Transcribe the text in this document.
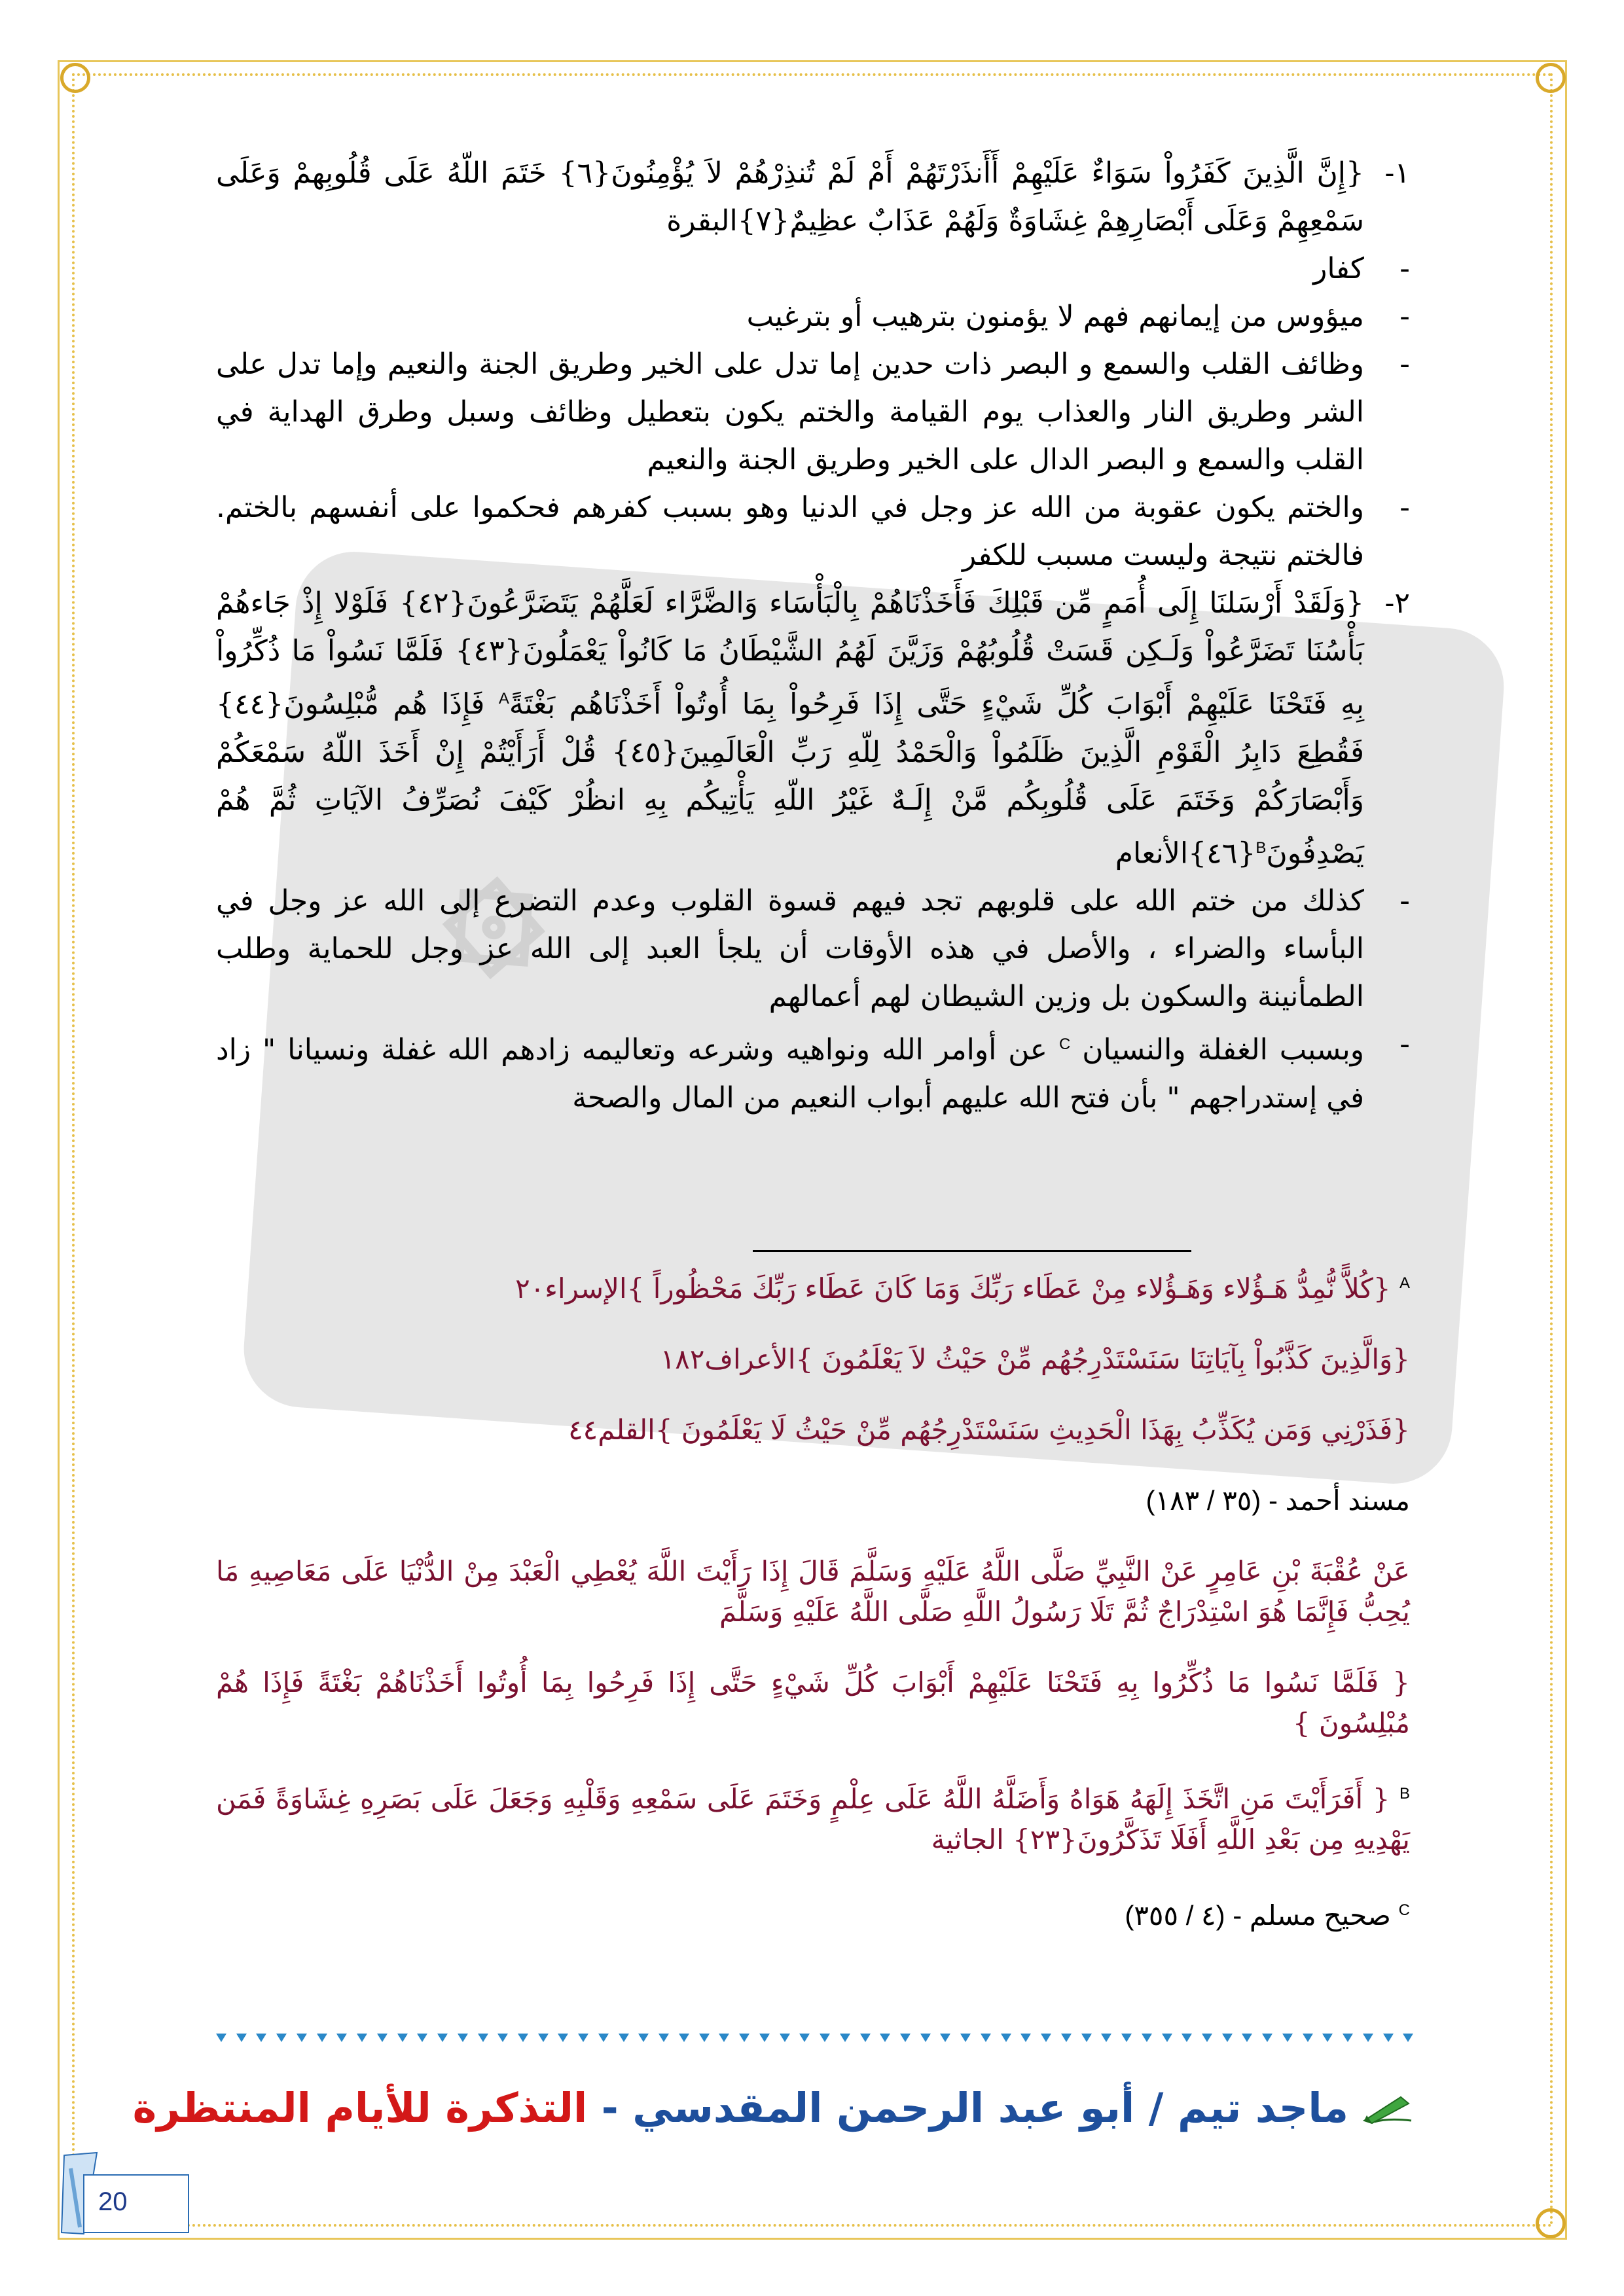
۞

١-
{إِنَّ الَّذِينَ كَفَرُواْ سَوَاءٌ عَلَيْهِمْ أَأَنذَرْتَهُمْ أَمْ لَمْ تُنذِرْهُمْ لاَ يُؤْمِنُونَ{٦} خَتَمَ اللّهُ عَلَى قُلُوبِهمْ وَعَلَى سَمْعِهِمْ وَعَلَى أَبْصَارِهِمْ غِشَاوَةٌ وَلَهُمْ عَذَابٌ عظِيمٌ{٧}البقرة

-
كفار

-
ميؤوس من إيمانهم فهم لا يؤمنون بترهيب أو بترغيب

-
وظائف القلب والسمع و البصر ذات حدين إما تدل على الخير وطريق الجنة والنعيم وإما تدل على الشر وطريق النار والعذاب يوم القيامة والختم يكون بتعطيل وظائف وسبل وطرق الهداية في القلب والسمع و البصر الدال على الخير وطريق الجنة والنعيم

-
والختم يكون عقوبة من الله عز وجل في الدنيا وهو بسبب كفرهم فحكموا على أنفسهم بالختم. فالختم نتيجة وليست مسبب للكفر

٢-
{وَلَقَدْ أَرْسَلنَا إِلَى أُمَمٍ مِّن قَبْلِكَ فَأَخَذْنَاهُمْ بِالْبَأْسَاء وَالضَّرَّاء لَعَلَّهُمْ يَتَضَرَّعُونَ{٤٢} فَلَوْلا إِذْ جَاءهُمْ بَأْسُنَا تَضَرَّعُواْ وَلَـكِن قَسَتْ قُلُوبُهُمْ وَزَيَّنَ لَهُمُ الشَّيْطَانُ مَا كَانُواْ يَعْمَلُونَ{٤٣} فَلَمَّا نَسُواْ مَا ذُكِّرُواْ بِهِ فَتَحْنَا عَلَيْهِمْ أَبْوَابَ كُلِّ شَيْءٍ حَتَّى إِذَا فَرِحُواْ بِمَا أُوتُواْ أَخَذْنَاهُم بَغْتَةً$^A$ فَإِذَا هُم مُّبْلِسُونَ{٤٤} فَقُطِعَ دَابِرُ الْقَوْمِ الَّذِينَ ظَلَمُواْ وَالْحَمْدُ لِلّهِ رَبِّ الْعَالَمِينَ{٤٥} قُلْ أَرَأَيْتُمْ إِنْ أَخَذَ اللّهُ سَمْعَكُمْ وَأَبْصَارَكُمْ وَخَتَمَ عَلَى قُلُوبِكُم مَّنْ إِلَـهٌ غَيْرُ اللّهِ يَأْتِيكُم بِهِ انظُرْ كَيْفَ نُصَرِّفُ الآيَاتِ ثُمَّ هُمْ يَصْدِفُونَ$^B${٤٦}الأنعام

-
كذلك من ختم الله على قلوبهم تجد فيهم قسوة القلوب وعدم التضرع إلى الله عز وجل في البأساء والضراء ، والأصل في هذه الأوقات أن يلجأ العبد إلى الله عز وجل للحماية وطلب الطمأنينة والسكون بل وزين الشيطان لهم أعمالهم

-
وبسبب الغفلة والنسيان $^C$ عن أوامر الله ونواهيه وشرعه وتعاليمه زادهم الله غفلة ونسيانا " زاد في إستدراجهم " بأن فتح الله عليهم أبواب النعيم من المال والصحة

$^A$ {كُلاًّ نُّمِدُّ هَـؤُلاء وَهَـؤُلاء مِنْ عَطَاء رَبِّكَ وَمَا كَانَ عَطَاء رَبِّكَ مَحْظُوراً }الإسراء٢٠

{وَالَّذِينَ كَذَّبُواْ بِآيَاتِنَا سَنَسْتَدْرِجُهُم مِّنْ حَيْثُ لاَ يَعْلَمُونَ }الأعراف١٨٢

{فَذَرْنِي وَمَن يُكَذِّبُ بِهَذَا الْحَدِيثِ سَنَسْتَدْرِجُهُم مِّنْ حَيْثُ لَا يَعْلَمُونَ }القلم٤٤

مسند أحمد - (٣٥ / ١٨٣)

عَنْ عُقْبَةَ بْنِ عَامِرٍ عَنْ النَّبِيِّ صَلَّى اللَّهُ عَلَيْهِ وَسَلَّمَ قَالَ إِذَا رَأَيْتَ اللَّهَ يُعْطِي الْعَبْدَ مِنْ الدُّنْيَا عَلَى مَعَاصِيهِ مَا يُحِبُّ فَإِنَّمَا هُوَ اسْتِدْرَاجٌ ثُمَّ تَلَا رَسُولُ اللَّهِ صَلَّى اللَّهُ عَلَيْهِ وَسَلَّمَ

{ فَلَمَّا نَسُوا مَا ذُكِّرُوا بِهِ فَتَحْنَا عَلَيْهِمْ أَبْوَابَ كُلِّ شَيْءٍ حَتَّى إِذَا فَرِحُوا بِمَا أُوتُوا أَخَذْنَاهُمْ بَغْتَةً فَإِذَا هُمْ مُبْلِسُونَ }

$^B$ { أَفَرَأَيْتَ مَنِ اتَّخَذَ إِلَهَهُ هَوَاهُ وَأَضَلَّهُ اللَّهُ عَلَى عِلْمٍ وَخَتَمَ عَلَى سَمْعِهِ وَقَلْبِهِ وَجَعَلَ عَلَى بَصَرِهِ غِشَاوَةً فَمَن يَهْدِيهِ مِن بَعْدِ اللَّهِ أَفَلَا تَذَكَّرُونَ{٢٣} الجاثية

$^C$ صحيح مسلم - (٤ / ٣٥٥)

ماجد تيم / أبو عبد الرحمن المقدسي - التذكرة للأيام المنتظرة
20
